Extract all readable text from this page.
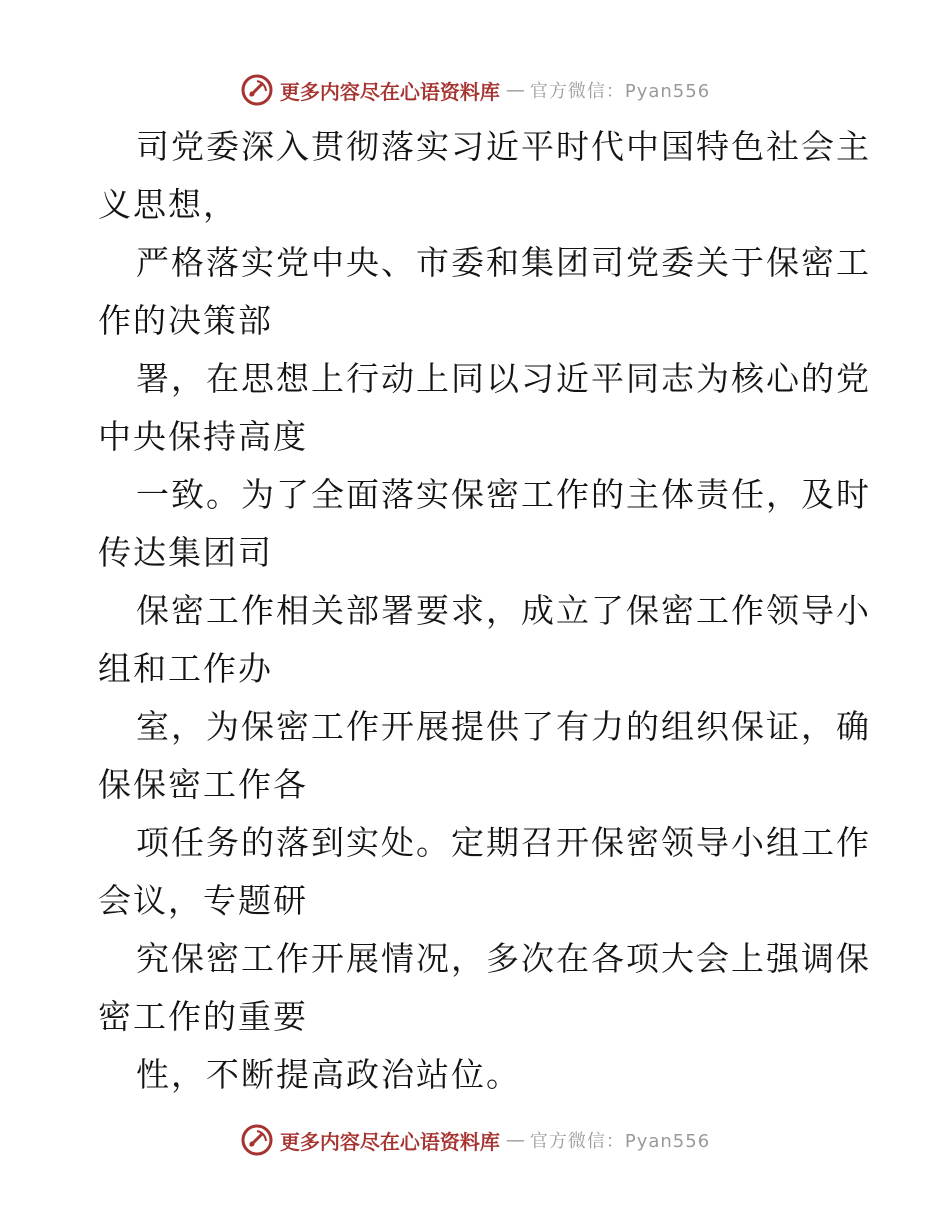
更多内容尽在心语资料库 — 官方微信：Pyan556
司党委深入贯彻落实习近平时代中国特色社会主
义思想，
严格落实党中央、市委和集团司党委关于保密工
作的决策部
署，在思想上行动上同以习近平同志为核心的党
中央保持高度
一致。为了全面落实保密工作的主体责任，及时
传达集团司
保密工作相关部署要求，成立了保密工作领导小
组和工作办
室，为保密工作开展提供了有力的组织保证，确
保保密工作各
项任务的落到实处。定期召开保密领导小组工作
会议，专题研
究保密工作开展情况，多次在各项大会上强调保
密工作的重要
性，不断提高政治站位。
更多内容尽在心语资料库 — 官方微信：Pyan556
